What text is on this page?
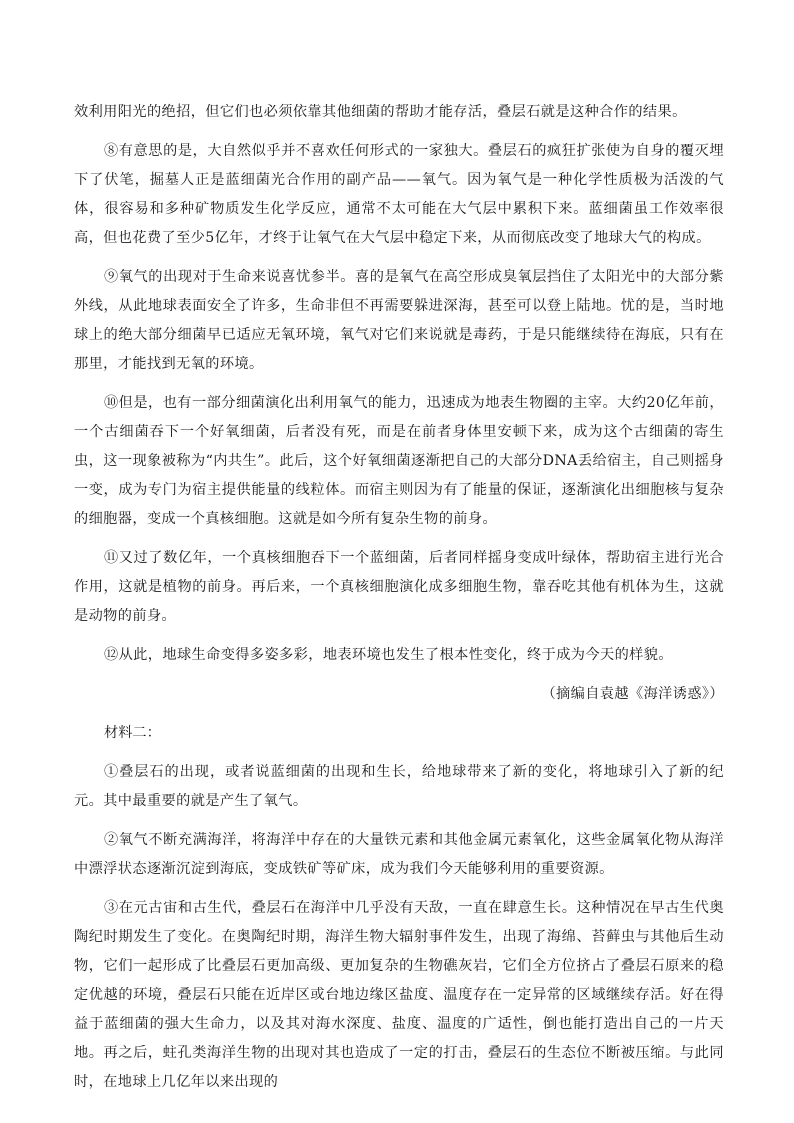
效利用阳光的绝招，但它们也必须依靠其他细菌的帮助才能存活，叠层石就是这种合作的结果。

⑧有意思的是，大自然似乎并不喜欢任何形式的一家独大。叠层石的疯狂扩张使为自身的覆灭埋下了伏笔，掘墓人正是蓝细菌光合作用的副产品——氧气。因为氧气是一种化学性质极为活泼的气体，很容易和多种矿物质发生化学反应，通常不太可能在大气层中累积下来。蓝细菌虽工作效率很高，但也花费了至少5亿年，才终于让氧气在大气层中稳定下来，从而彻底改变了地球大气的构成。

⑨氧气的出现对于生命来说喜忧参半。喜的是氧气在高空形成臭氧层挡住了太阳光中的大部分紫外线，从此地球表面安全了许多，生命非但不再需要躲进深海，甚至可以登上陆地。忧的是，当时地球上的绝大部分细菌早已适应无氧环境，氧气对它们来说就是毒药，于是只能继续待在海底，只有在那里，才能找到无氧的环境。

⑩但是，也有一部分细菌演化出利用氧气的能力，迅速成为地表生物圈的主宰。大约20亿年前，一个古细菌吞下一个好氧细菌，后者没有死，而是在前者身体里安顿下来，成为这个古细菌的寄生虫，这一现象被称为“内共生”。此后，这个好氧细菌逐渐把自己的大部分DNA丢给宿主，自己则摇身一变，成为专门为宿主提供能量的线粒体。而宿主则因为有了能量的保证，逐渐演化出细胞核与复杂的细胞器，变成一个真核细胞。这就是如今所有复杂生物的前身。

⑪又过了数亿年，一个真核细胞吞下一个蓝细菌，后者同样摇身变成叶绿体，帮助宿主进行光合作用，这就是植物的前身。再后来，一个真核细胞演化成多细胞生物，靠吞吃其他有机体为生，这就是动物的前身。

⑫从此，地球生命变得多姿多彩，地表环境也发生了根本性变化，终于成为今天的样貌。

（摘编自袁越《海洋诱惑》）

材料二：

①叠层石的出现，或者说蓝细菌的出现和生长，给地球带来了新的变化，将地球引入了新的纪元。其中最重要的就是产生了氧气。

②氧气不断充满海洋，将海洋中存在的大量铁元素和其他金属元素氧化，这些金属氧化物从海洋中漂浮状态逐渐沉淀到海底，变成铁矿等矿床，成为我们今天能够利用的重要资源。

③在元古宙和古生代，叠层石在海洋中几乎没有天敌，一直在肆意生长。这种情况在早古生代奥陶纪时期发生了变化。在奥陶纪时期，海洋生物大辐射事件发生，出现了海绵、苔藓虫与其他后生动物，它们一起形成了比叠层石更加高级、更加复杂的生物礁灰岩，它们全方位挤占了叠层石原来的稳定优越的环境，叠层石只能在近岸区或台地边缘区盐度、温度存在一定异常的区域继续存活。好在得益于蓝细菌的强大生命力，以及其对海水深度、盐度、温度的广适性，倒也能打造出自己的一片天地。再之后，蛀孔类海洋生物的出现对其也造成了一定的打击，叠层石的生态位不断被压缩。与此同时，在地球上几亿年以来出现的
